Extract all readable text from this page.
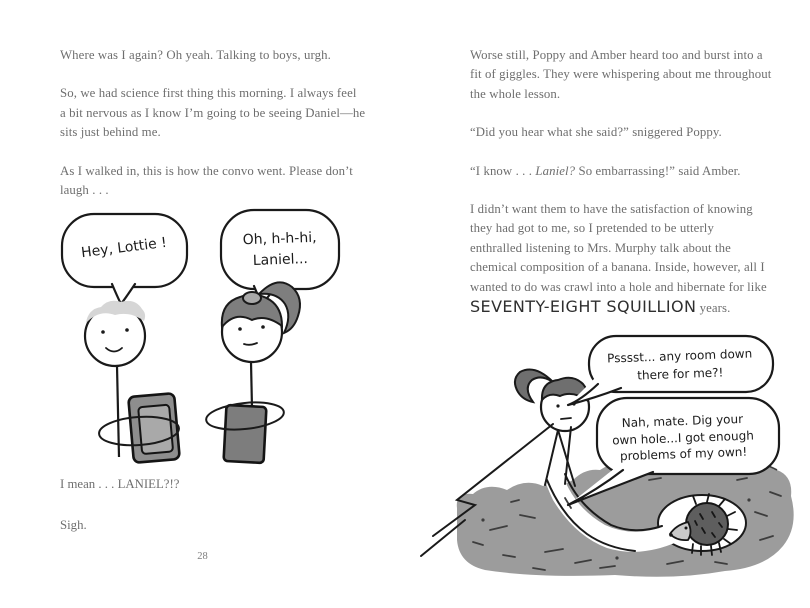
Where was I again? Oh yeah. Talking to boys, urgh.

So, we had science first thing this morning. I always feel
a bit nervous as I know I’m going to be seeing Daniel—he
sits just behind me.

As I walked in, this is how the convo went. Please don’t
laugh . . .

Hey, Lottie !	Oh, h-h-hi,
Laniel...
I mean . . . LANIEL?!?
Sigh.
28

Worse still, Poppy and Amber heard too and burst into a
fit of giggles. They were whispering about me throughout
the whole lesson.

“Did you hear what she said?” sniggered Poppy.

“I know . . . Laniel? So embarrassing!” said Amber.

I didn’t want them to have the satisfaction of knowing
they had got to me, so I pretended to be utterly
enthralled listening to Mrs. Murphy talk about the
chemical composition of a banana. Inside, however, all I
wanted to do was crawl into a hole and hibernate for like
SEVENTY-EIGHT SQUILLION years.

Psssst... any room down
there for me?!
Nah, mate. Dig your
own hole...I got enough
problems of my own!
